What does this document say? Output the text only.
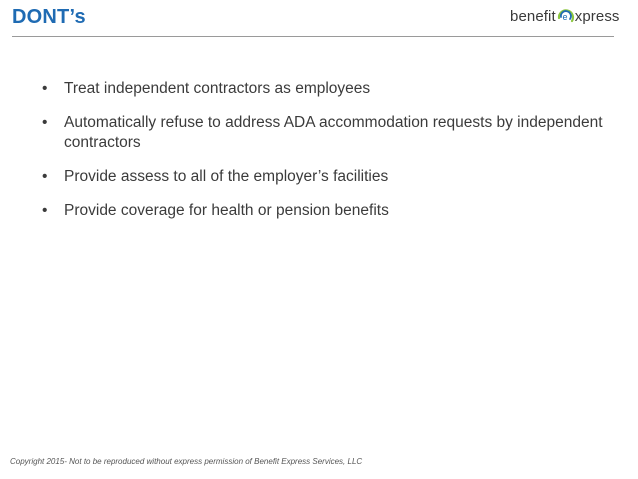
DONT’s	benefit e xpress
• Treat independent contractors as employees
• Automatically refuse to address ADA accommodation requests by independent contractors
• Provide assess to all of the employer’s facilities
• Provide coverage for health or pension benefits
Copyright 2015- Not to be reproduced without express permission of Benefit Express Services, LLC
